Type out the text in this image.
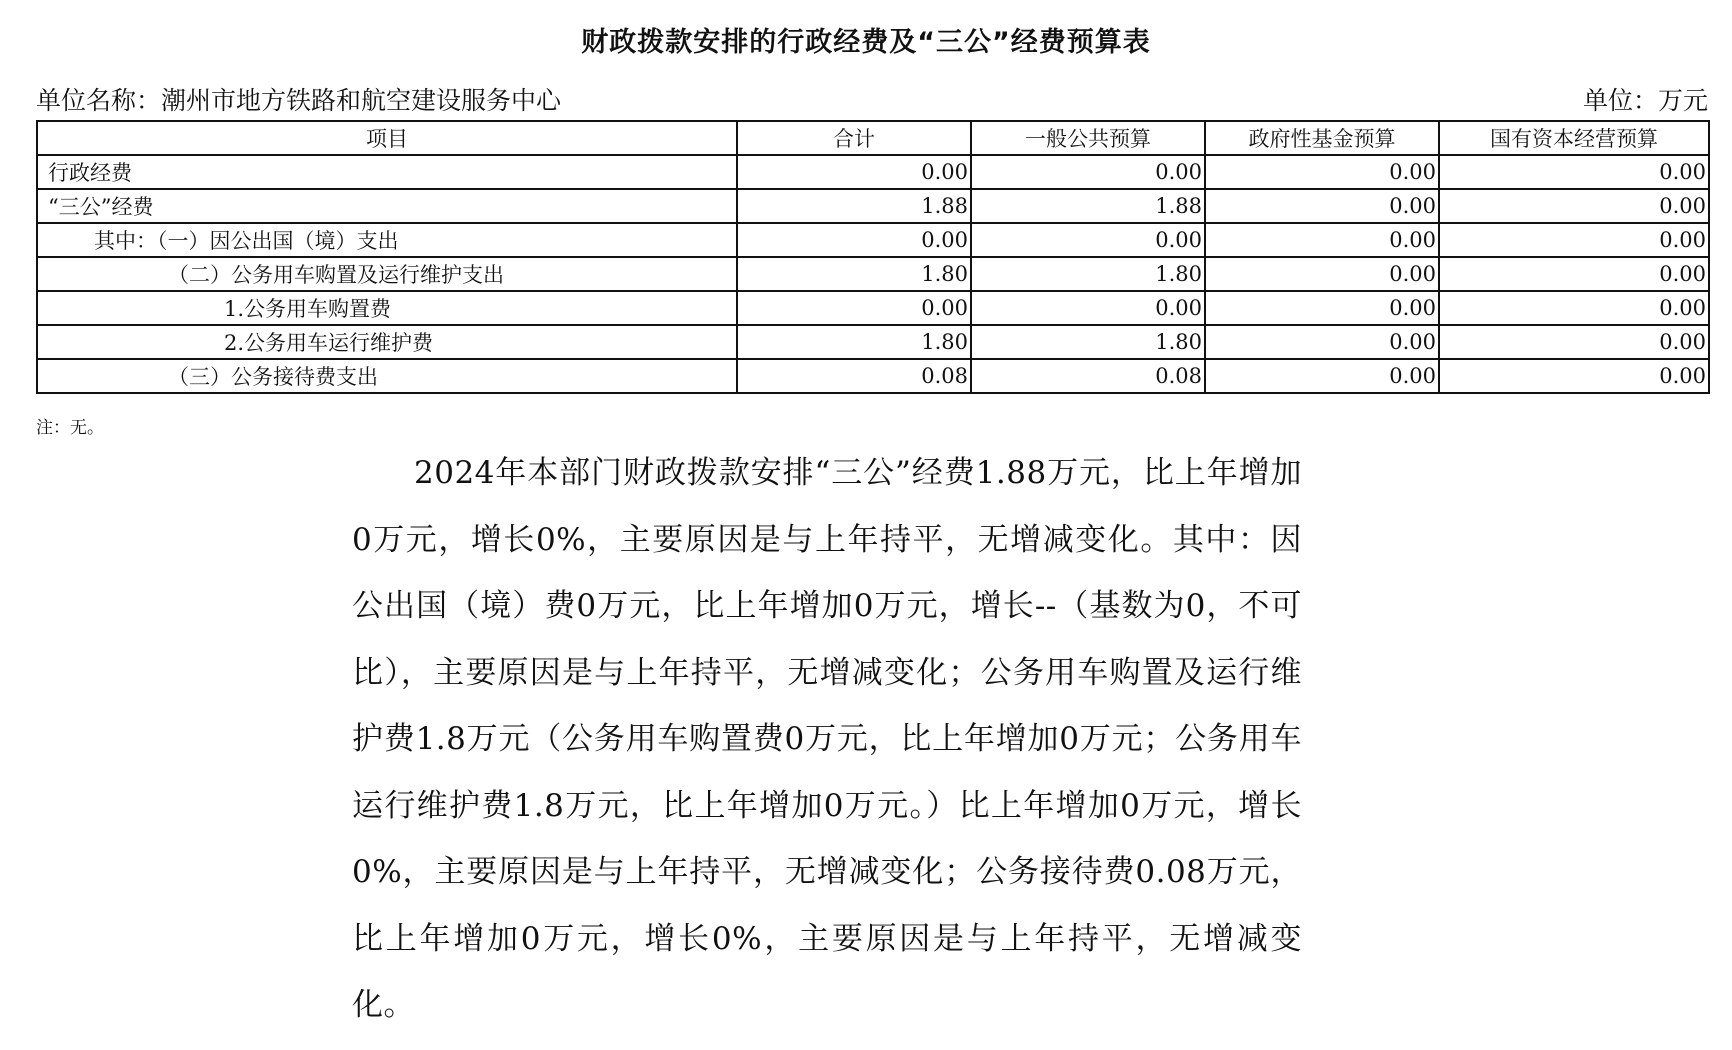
财政拨款安排的行政经费及“三公”经费预算表
单位名称：潮州市地方铁路和航空建设服务中心	单位：万元
项目	合计	一般公共预算	政府性基金预算	国有资本经营预算
行政经费	0.00	0.00	0.00	0.00
“三公”经费	1.88	1.88	0.00	0.00
其中：（一）因公出国（境）支出	0.00	0.00	0.00	0.00
（二）公务用车购置及运行维护支出	1.80	1.80	0.00	0.00
1.公务用车购置费	0.00	0.00	0.00	0.00
2.公务用车运行维护费	1.80	1.80	0.00	0.00
（三）公务接待费支出	0.08	0.08	0.00	0.00
注：无。
2024年本部门财政拨款安排“三公”经费1.88万元，比上年增加0万元，增长0%，主要原因是与上年持平，无增减变化。其中：因公出国（境）费0万元，比上年增加0万元，增长--（基数为0，不可比），主要原因是与上年持平，无增减变化；公务用车购置及运行维护费1.8万元（公务用车购置费0万元，比上年增加0万元；公务用车运行维护费1.8万元，比上年增加0万元。）比上年增加0万元，增长0%，主要原因是与上年持平，无增减变化；公务接待费0.08万元，比上年增加0万元，增长0%，主要原因是与上年持平，无增减变化。
